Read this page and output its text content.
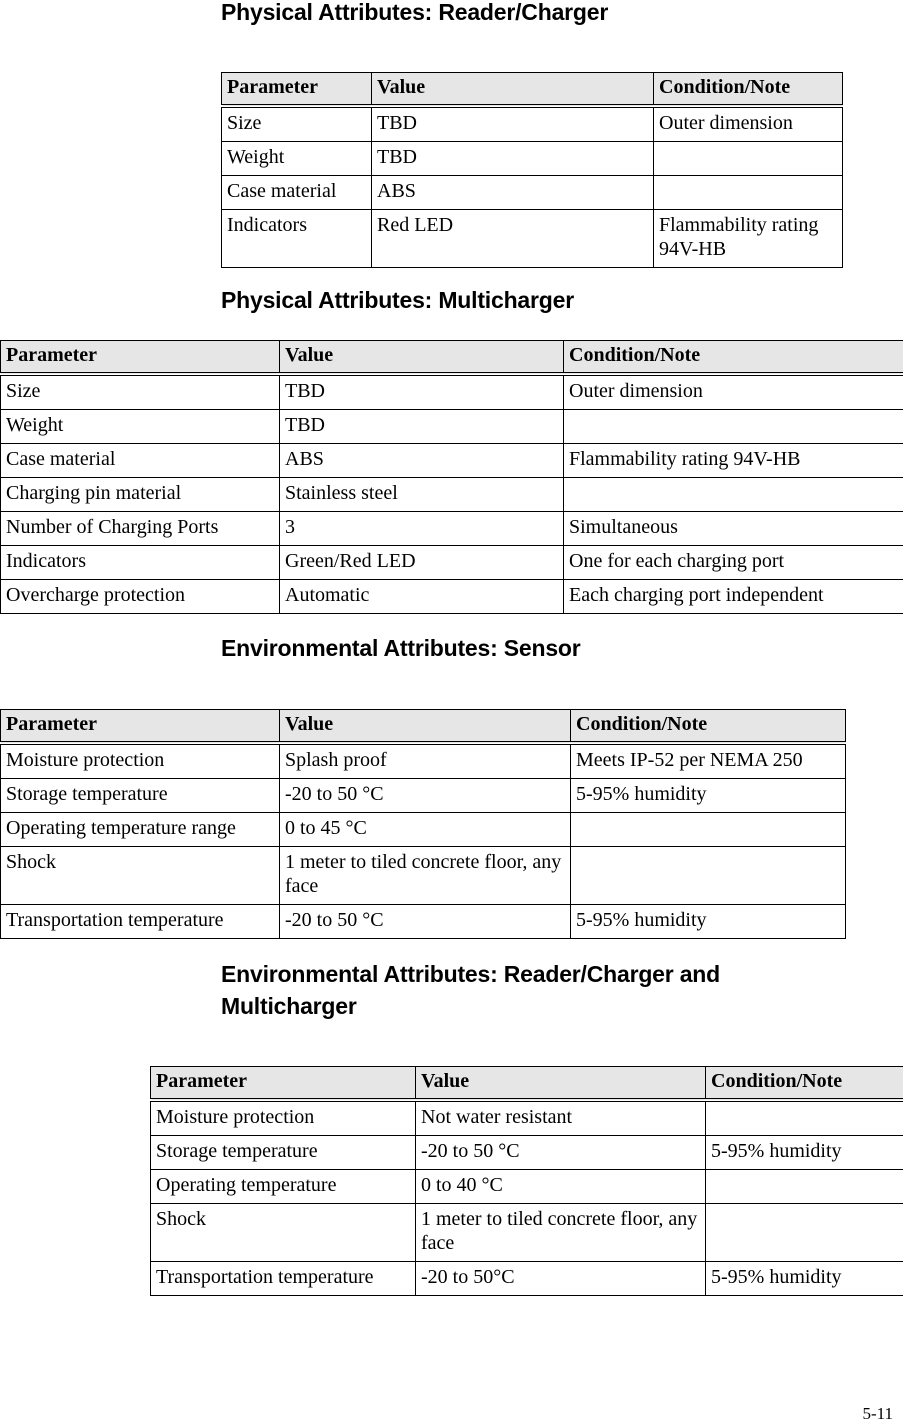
Physical Attributes: Reader/Charger
Parameter	Value	Condition/Note
Size	TBD	Outer dimension
Weight	TBD	
Case material	ABS	
Indicators	Red LED	Flammability rating 94V-HB
Physical Attributes: Multicharger
Parameter	Value	Condition/Note
Size	TBD	Outer dimension
Weight	TBD	
Case material	ABS	Flammability rating 94V-HB
Charging pin material	Stainless steel	
Number of Charging Ports	3	Simultaneous
Indicators	Green/Red LED	One for each charging port
Overcharge protection	Automatic	Each charging port independent
Environmental Attributes: Sensor
Parameter	Value	Condition/Note
Moisture protection	Splash proof	Meets IP-52 per NEMA 250
Storage temperature	-20 to 50 °C	5-95% humidity
Operating temperature range	0 to 45 °C	
Shock	1 meter to tiled concrete floor, any face	
Transportation temperature	-20 to 50 °C	5-95% humidity
Environmental Attributes: Reader/Charger and Multicharger
Parameter	Value	Condition/Note
Moisture protection	Not water resistant	
Storage temperature	-20 to 50 °C	5-95% humidity
Operating temperature	0 to 40 °C	
Shock	1 meter to tiled concrete floor, any face	
Transportation temperature	-20 to 50°C	5-95% humidity
5-11
